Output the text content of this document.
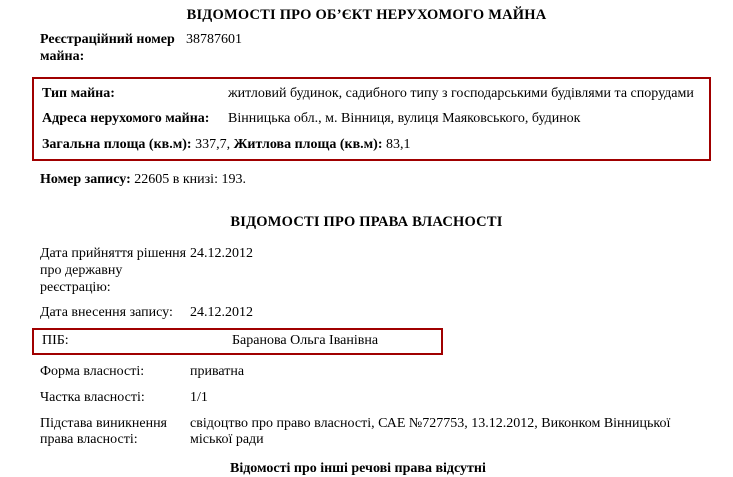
ВІДОМОСТІ ПРО ОБ’ЄКТ НЕРУХОМОГО МАЙНА
Реєстраційний номер майна:
38787601
Тип майна:	житловий будинок, садибного типу з господарськими будівлями та спорудами
Адреса нерухомого майна:	Вінницька обл., м. Вінниця, вулиця Маяковського, будинок
Загальна площа (кв.м): 337,7, Житлова площа (кв.м): 83,1
Номер запису: 22605 в книзі: 193.
ВІДОМОСТІ ПРО ПРАВА ВЛАСНОСТІ
Дата прийняття рішення про державну реєстрацію:
24.12.2012
Дата внесення запису:	24.12.2012
ПІБ:	Баранова Ольга Іванівна
Форма власності:	приватна
Частка власності:	1/1
Підстава виникнення права власності:
свідоцтво про право власності, САЕ №727753, 13.12.2012, Виконком Вінницької міської ради
Відомості про інші речові права відсутні
